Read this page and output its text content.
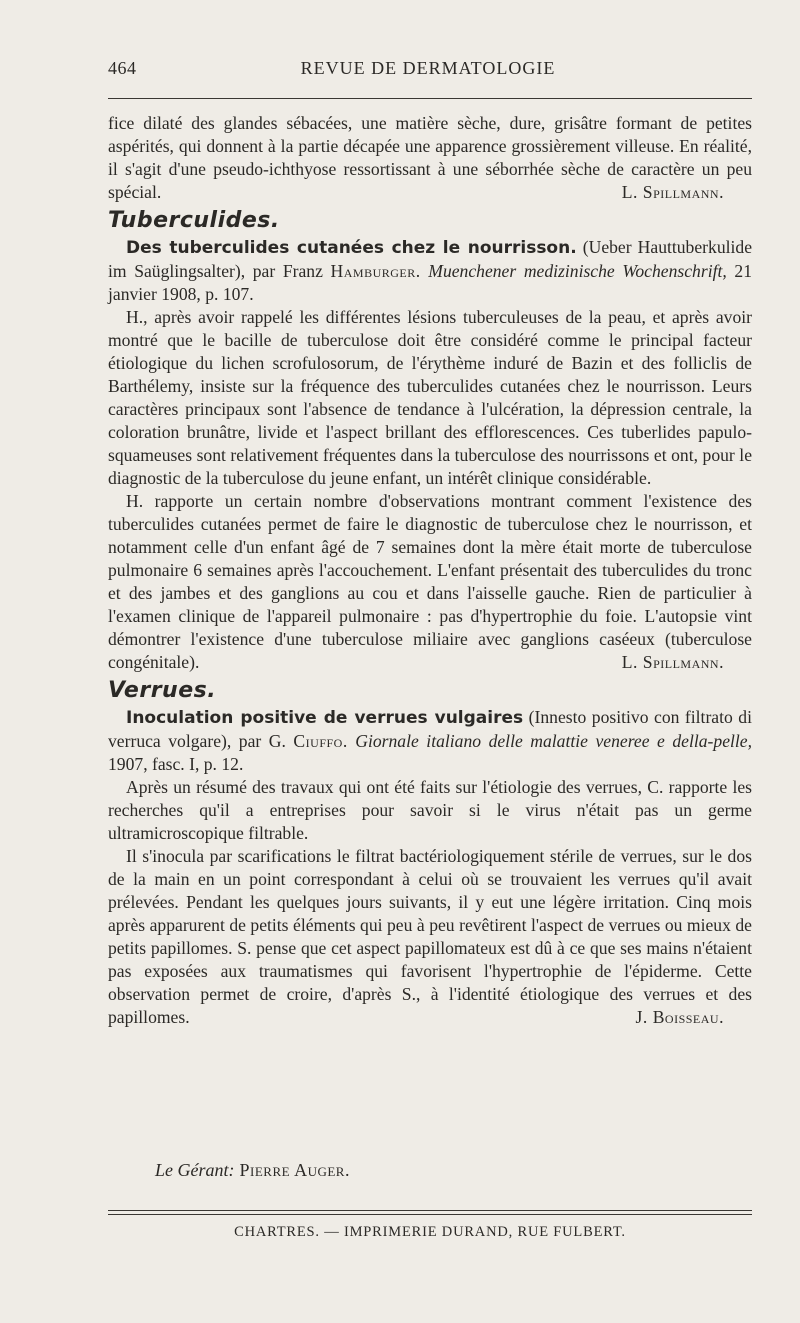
464	REVUE DE DERMATOLOGIE

fice dilaté des glandes sébacées, une matière sèche, dure, grisâtre formant de petites aspérités, qui donnent à la partie décapée une apparence grossièrement villeuse. En réalité, il s'agit d'une pseudo-ichthyose ressortissant à une séborrhée sèche de caractère un peu spécial.	L. Spillmann.

Tuberculides.

Des tuberculides cutanées chez le nourrisson. (Ueber Hauttuberkulide im Saüglingsalter), par Franz Hamburger. Muenchener medizinische Wochenschrift, 21 janvier 1908, p. 107.

H., après avoir rappelé les différentes lésions tuberculeuses de la peau, et après avoir montré que le bacille de tuberculose doit être considéré comme le principal facteur étiologique du lichen scrofulosorum, de l'érythème induré de Bazin et des folliclis de Barthélemy, insiste sur la fréquence des tuberculides cutanées chez le nourrisson. Leurs caractères principaux sont l'absence de tendance à l'ulcération, la dépression centrale, la coloration brunâtre, livide et l'aspect brillant des efflorescences. Ces tuberlides papulo-squameuses sont relativement fréquentes dans la tuberculose des nourrissons et ont, pour le diagnostic de la tuberculose du jeune enfant, un intérêt clinique considérable.

H. rapporte un certain nombre d'observations montrant comment l'existence des tuberculides cutanées permet de faire le diagnostic de tuberculose chez le nourrisson, et notamment celle d'un enfant âgé de 7 semaines dont la mère était morte de tuberculose pulmonaire 6 semaines après l'accouchement. L'enfant présentait des tuberculides du tronc et des jambes et des ganglions au cou et dans l'aisselle gauche. Rien de particulier à l'examen clinique de l'appareil pulmonaire : pas d'hypertrophie du foie. L'autopsie vint démontrer l'existence d'une tuberculose miliaire avec ganglions caséeux (tuberculose congénitale).	L. Spillmann.

Verrues.

Inoculation positive de verrues vulgaires (Innesto positivo con filtrato di verruca volgare), par G. Ciuffo. Giornale italiano delle malattie veneree e della-pelle, 1907, fasc. I, p. 12.

Après un résumé des travaux qui ont été faits sur l'étiologie des verrues, C. rapporte les recherches qu'il a entreprises pour savoir si le virus n'était pas un germe ultramicroscopique filtrable.

Il s'inocula par scarifications le filtrat bactériologiquement stérile de verrues, sur le dos de la main en un point correspondant à celui où se trouvaient les verrues qu'il avait prélevées. Pendant les quelques jours suivants, il y eut une légère irritation. Cinq mois après apparurent de petits éléments qui peu à peu revêtirent l'aspect de verrues ou mieux de petits papillomes. S. pense que cet aspect papillomateux est dû à ce que ses mains n'étaient pas exposées aux traumatismes qui favorisent l'hypertrophie de l'épiderme. Cette observation permet de croire, d'après S., à l'identité étiologique des verrues et des papillomes.	J. Boisseau.

Le Gérant: Pierre Auger.
CHARTRES. — IMPRIMERIE DURAND, RUE FULBERT.
